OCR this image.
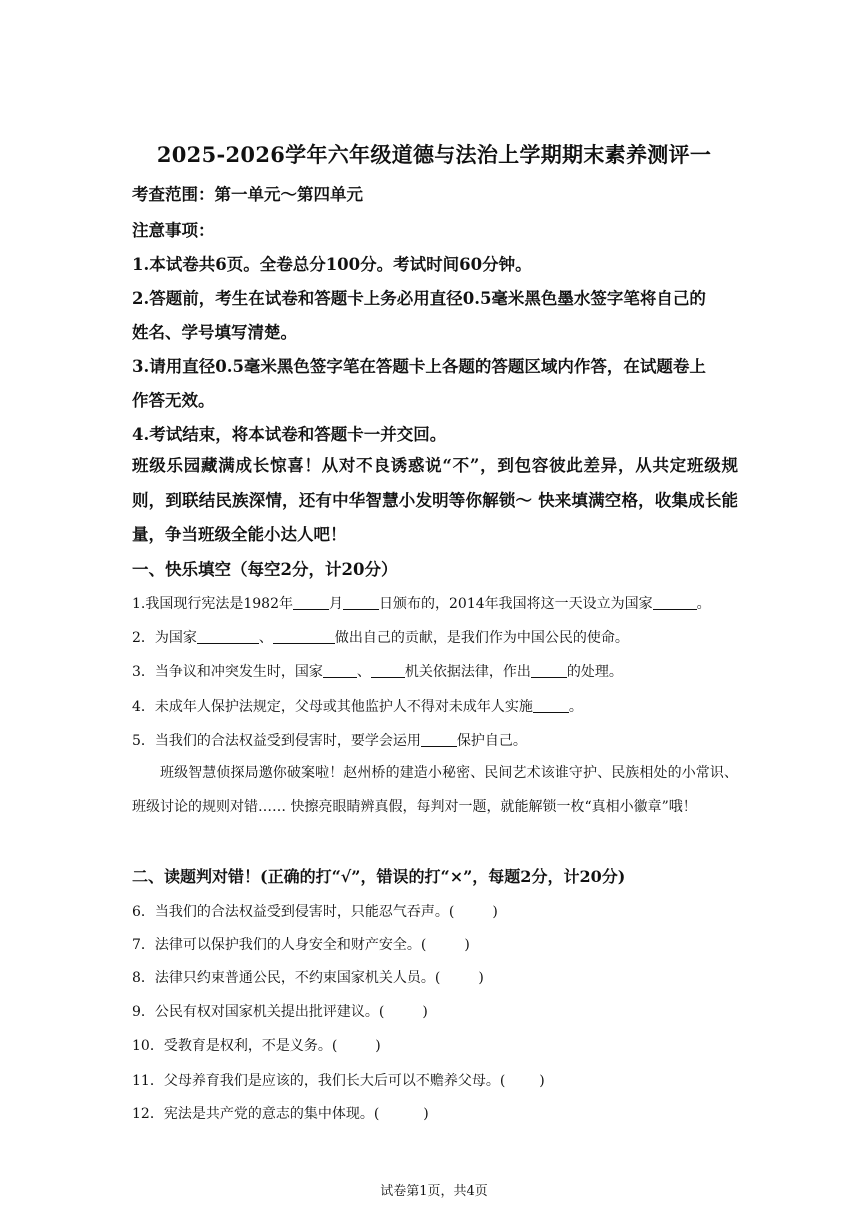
2025-2026学年六年级道德与法治上学期期末素养测评一
考查范围：第一单元～第四单元
注意事项：
1.本试卷共6页。全卷总分100分。考试时间60分钟。
2.答题前，考生在试卷和答题卡上务必用直径0.5毫米黑色墨水签字笔将自己的
姓名、学号填写清楚。
3.请用直径0.5毫米黑色签字笔在答题卡上各题的答题区域内作答，在试题卷上
作答无效。
4.考试结束，将本试卷和答题卡一并交回。
班级乐园藏满成长惊喜！从对不良诱惑说“不”，到包容彼此差异，从共定班级规则，到联结民族深情，还有中华智慧小发明等你解锁～ 快来填满空格，收集成长能量，争当班级全能小达人吧！
一、快乐填空（每空2分，计20分）
1.我国现行宪法是1982年	月	日颁布的，2014年我国将这一天设立为国家	。
2．为国家	、	做出自己的贡献，是我们作为中国公民的使命。
3．当争议和冲突发生时，国家 、 机关依据法律，作出	的处理。
4．未成年人保护法规定，父母或其他监护人不得对未成年人实施	。
5．当我们的合法权益受到侵害时，要学会运用	保护自己。
班级智慧侦探局邀你破案啦！赵州桥的建造小秘密、民间艺术该谁守护、民族相处的小常识、班级讨论的规则对错…… 快擦亮眼睛辨真假，每判对一题，就能解锁一枚“真相小徽章”哦！
二、读题判对错！(正确的打“√”，错误的打“×”，每题2分，计20分)
6．当我们的合法权益受到侵害时，只能忍气吞声。(	)
7．法律可以保护我们的人身安全和财产安全。(	)
8．法律只约束普通公民，不约束国家机关人员。(	)
9．公民有权对国家机关提出批评建议。(	)
10．受教育是权利，不是义务。(	)
11．父母养育我们是应该的，我们长大后可以不赡养父母。( )
12．宪法是共产党的意志的集中体现。(	)
试卷第1页，共4页
